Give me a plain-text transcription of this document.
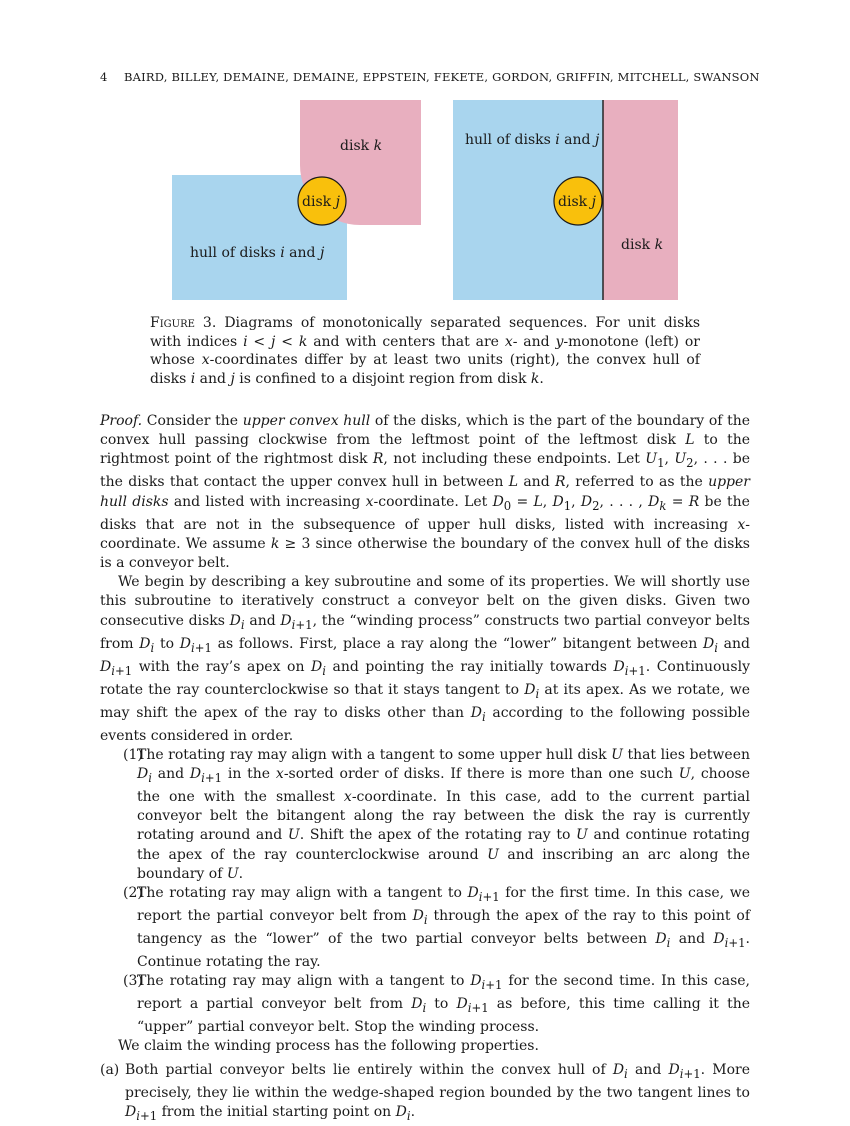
4 BAIRD, BILLEY, DEMAINE, DEMAINE, EPPSTEIN, FEKETE, GORDON, GRIFFIN, MITCHELL, SWANSON
disk k
disk j
hull of disks i and j
hull of disks i and j
disk j
disk k
Figure 3. Diagrams of monotonically separated sequences. For unit disks with indices i < j < k and with centers that are x- and y-monotone (left) or whose x-coordinates differ by at least two units (right), the convex hull of disks i and j is confined to a disjoint region from disk k.

Proof. Consider the upper convex hull of the disks, which is the part of the boundary of the convex hull passing clockwise from the leftmost point of the leftmost disk L to the rightmost point of the rightmost disk R, not including these endpoints. Let $U_1$, $U_2$, . . . be the disks that contact the upper convex hull in between L and R, referred to as the upper hull disks and listed with increasing x-coordinate. Let $D_0 = L$, $D_1$, $D_2$, . . . , $D_k = R$ be the disks that are not in the subsequence of upper hull disks, listed with increasing x-coordinate. We assume k ≥ 3 since otherwise the boundary of the convex hull of the disks is a conveyor belt.

We begin by describing a key subroutine and some of its properties. We will shortly use this subroutine to iteratively construct a conveyor belt on the given disks. Given two consecutive disks $D_i$ and $D_{i+1}$, the “winding process” constructs two partial conveyor belts from $D_i$ to $D_{i+1}$ as follows. First, place a ray along the “lower” bitangent between $D_i$ and $D_{i+1}$ with the ray’s apex on $D_i$ and pointing the ray initially towards $D_{i+1}$. Continuously rotate the ray counterclockwise so that it stays tangent to $D_i$ at its apex. As we rotate, we may shift the apex of the ray to disks other than $D_i$ according to the following possible events considered in order.

(1)
The rotating ray may align with a tangent to some upper hull disk U that lies between $D_i$ and $D_{i+1}$ in the x-sorted order of disks. If there is more than one such U, choose the one with the smallest x-coordinate. In this case, add to the current partial conveyor belt the bitangent along the ray between the disk the ray is currently rotating around and U. Shift the apex of the rotating ray to U and continue rotating the apex of the ray counterclockwise around U and inscribing an arc along the boundary of U.
(2)
The rotating ray may align with a tangent to $D_{i+1}$ for the first time. In this case, we report the partial conveyor belt from $D_i$ through the apex of the ray to this point of tangency as the “lower” of the two partial conveyor belts between $D_i$ and $D_{i+1}$. Continue rotating the ray.
(3)
The rotating ray may align with a tangent to $D_{i+1}$ for the second time. In this case, report a partial conveyor belt from $D_i$ to $D_{i+1}$ as before, this time calling it the “upper” partial conveyor belt. Stop the winding process.

We claim the winding process has the following properties.

(a) Both partial conveyor belts lie entirely within the convex hull of $D_i$ and $D_{i+1}$. More precisely, they lie within the wedge-shaped region bounded by the two tangent lines to $D_{i+1}$ from the initial starting point on $D_i$.
